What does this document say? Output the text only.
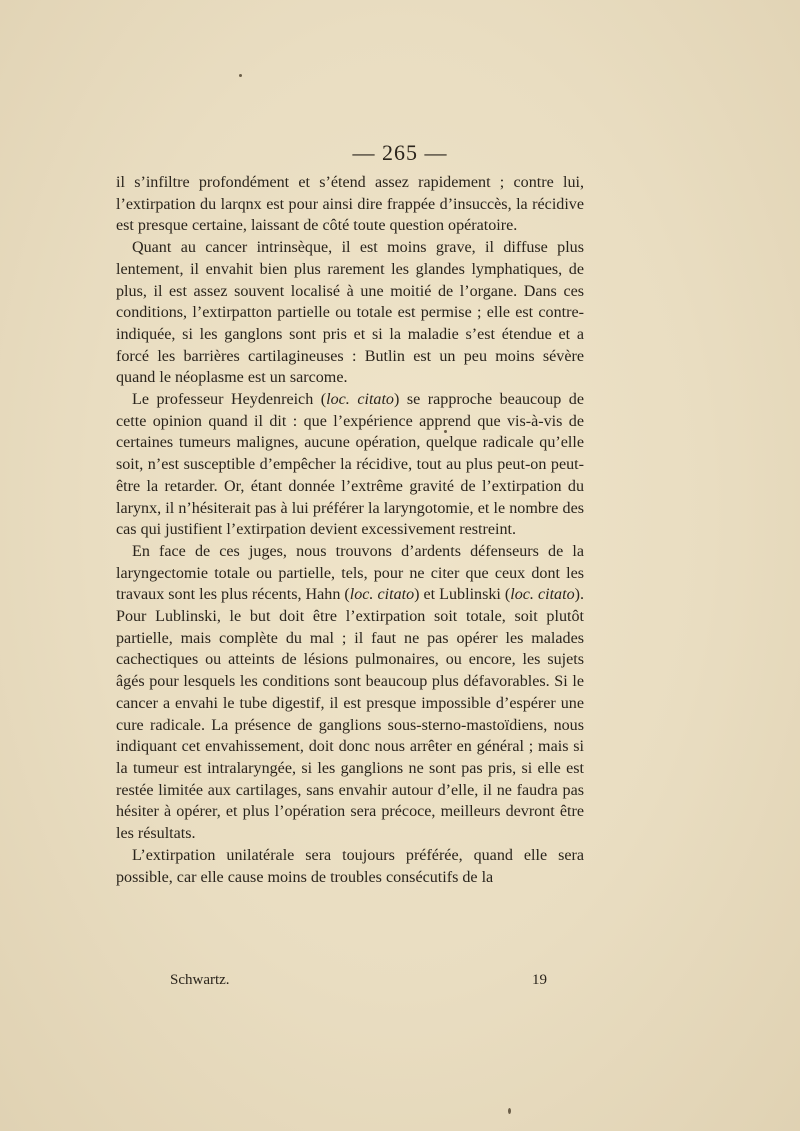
— 265 —

il s’infiltre profondément et s’étend assez rapidement ; contre lui, l’extirpation du larqnx est pour ainsi dire frappée d’insuccès, la récidive est presque certaine, laissant de côté toute question opératoire.

Quant au cancer intrinsèque, il est moins grave, il diffuse plus lentement, il envahit bien plus rarement les glandes lymphatiques, de plus, il est assez souvent localisé à une moitié de l’organe. Dans ces conditions, l’extirpatton partielle ou totale est permise ; elle est contre-indiquée, si les ganglons sont pris et si la maladie s’est étendue et a forcé les barrières cartilagineuses : Butlin est un peu moins sévère quand le néoplasme est un sarcome.

Le professeur Heydenreich (loc. citato) se rapproche beaucoup de cette opinion quand il dit : que l’expérience apprend que vis-à-vis de certaines tumeurs malignes, aucune opération, quelque radicale qu’elle soit, n’est susceptible d’empêcher la récidive, tout au plus peut-on peut-être la retarder. Or, étant donnée l’extrême gravité de l’extirpation du larynx, il n’hésiterait pas à lui préférer la laryngotomie, et le nombre des cas qui justifient l’extirpation devient excessivement restreint.

En face de ces juges, nous trouvons d’ardents défenseurs de la laryngectomie totale ou partielle, tels, pour ne citer que ceux dont les travaux sont les plus récents, Hahn (loc. citato) et Lublinski (loc. citato). Pour Lublinski, le but doit être l’extirpation soit totale, soit plutôt partielle, mais complète du mal ; il faut ne pas opérer les malades cachectiques ou atteints de lésions pulmonaires, ou encore, les sujets âgés pour lesquels les conditions sont beaucoup plus défavorables. Si le cancer a envahi le tube digestif, il est presque impossible d’espérer une cure radicale. La présence de ganglions sous-sterno-mastoïdiens, nous indiquant cet envahissement, doit donc nous arrêter en général ; mais si la tumeur est intralaryngée, si les ganglions ne sont pas pris, si elle est restée limitée aux cartilages, sans envahir autour d’elle, il ne faudra pas hésiter à opérer, et plus l’opération sera précoce, meilleurs devront être les résultats.

L’extirpation unilatérale sera toujours préférée, quand elle sera possible, car elle cause moins de troubles consécutifs de la

Schwartz.	19
